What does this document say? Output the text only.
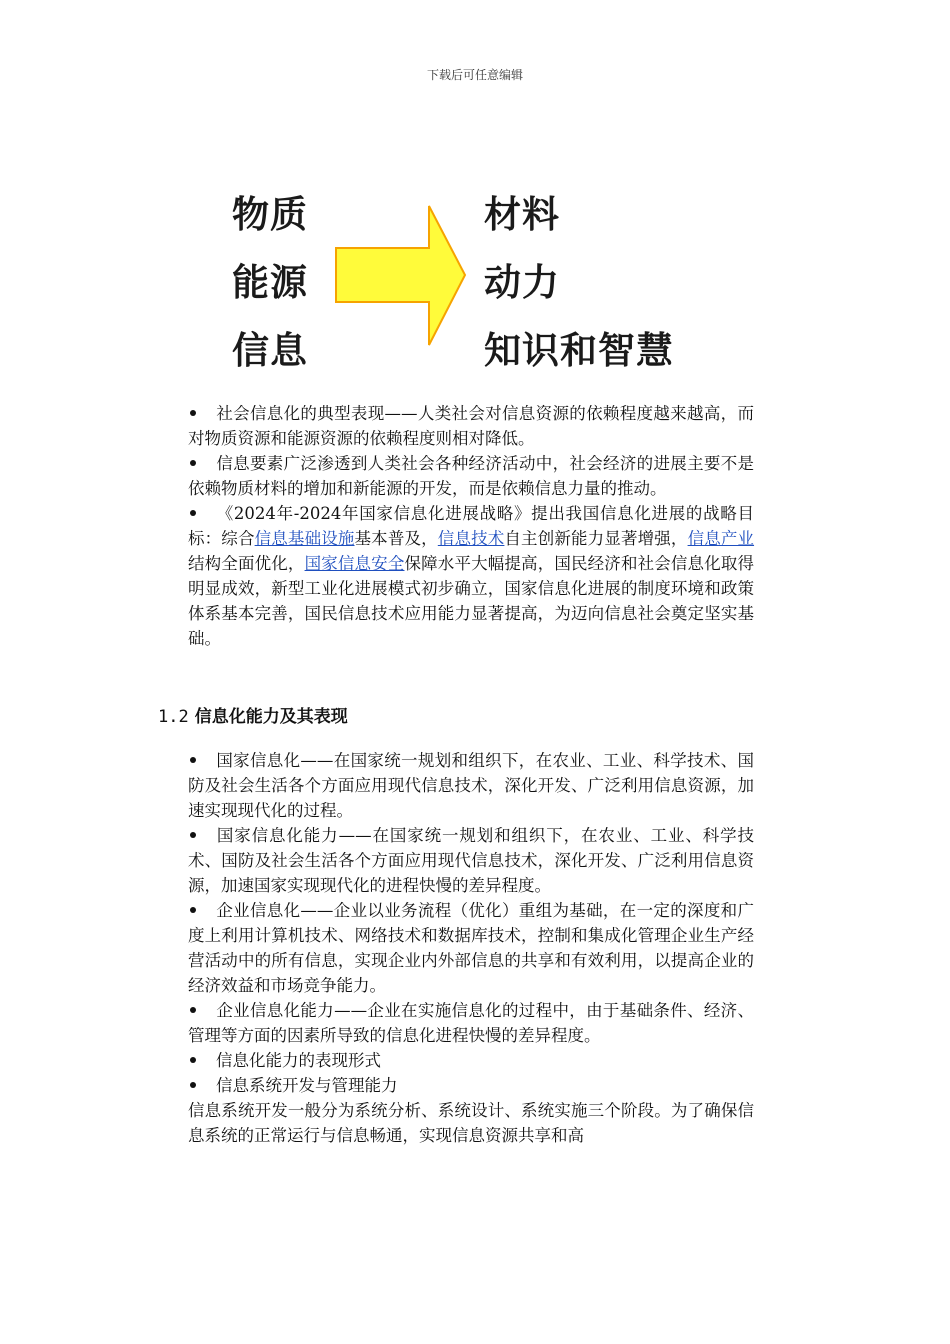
下载后可任意编辑
物质
能源
信息
材料
动力
知识和智慧

社会信息化的典型表现——人类社会对信息资源的依赖程度越来越高，而对物质资源和能源资源的依赖程度则相对降低。

信息要素广泛渗透到人类社会各种经济活动中，社会经济的进展主要不是依赖物质材料的增加和新能源的开发，而是依赖信息力量的推动。

《2024年-2024年国家信息化进展战略》提出我国信息化进展的战略目标：综合信息基础设施基本普及，信息技术自主创新能力显著增强，信息产业结构全面优化，国家信息安全保障水平大幅提高，国民经济和社会信息化取得明显成效，新型工业化进展模式初步确立，国家信息化进展的制度环境和政策体系基本完善，国民信息技术应用能力显著提高，为迈向信息社会奠定坚实基础。

1.2 信息化能力及其表现

国家信息化——在国家统一规划和组织下，在农业、工业、科学技术、国防及社会生活各个方面应用现代信息技术，深化开发、广泛利用信息资源，加速实现现代化的过程。

国家信息化能力——在国家统一规划和组织下，在农业、工业、科学技术、国防及社会生活各个方面应用现代信息技术，深化开发、广泛利用信息资源，加速国家实现现代化的进程快慢的差异程度。

企业信息化——企业以业务流程（优化）重组为基础，在一定的深度和广度上利用计算机技术、网络技术和数据库技术，控制和集成化管理企业生产经营活动中的所有信息，实现企业内外部信息的共享和有效利用，以提高企业的经济效益和市场竞争能力。

企业信息化能力——企业在实施信息化的过程中，由于基础条件、经济、管理等方面的因素所导致的信息化进程快慢的差异程度。

信息化能力的表现形式

信息系统开发与管理能力

信息系统开发一般分为系统分析、系统设计、系统实施三个阶段。为了确保信息系统的正常运行与信息畅通，实现信息资源共享和高
